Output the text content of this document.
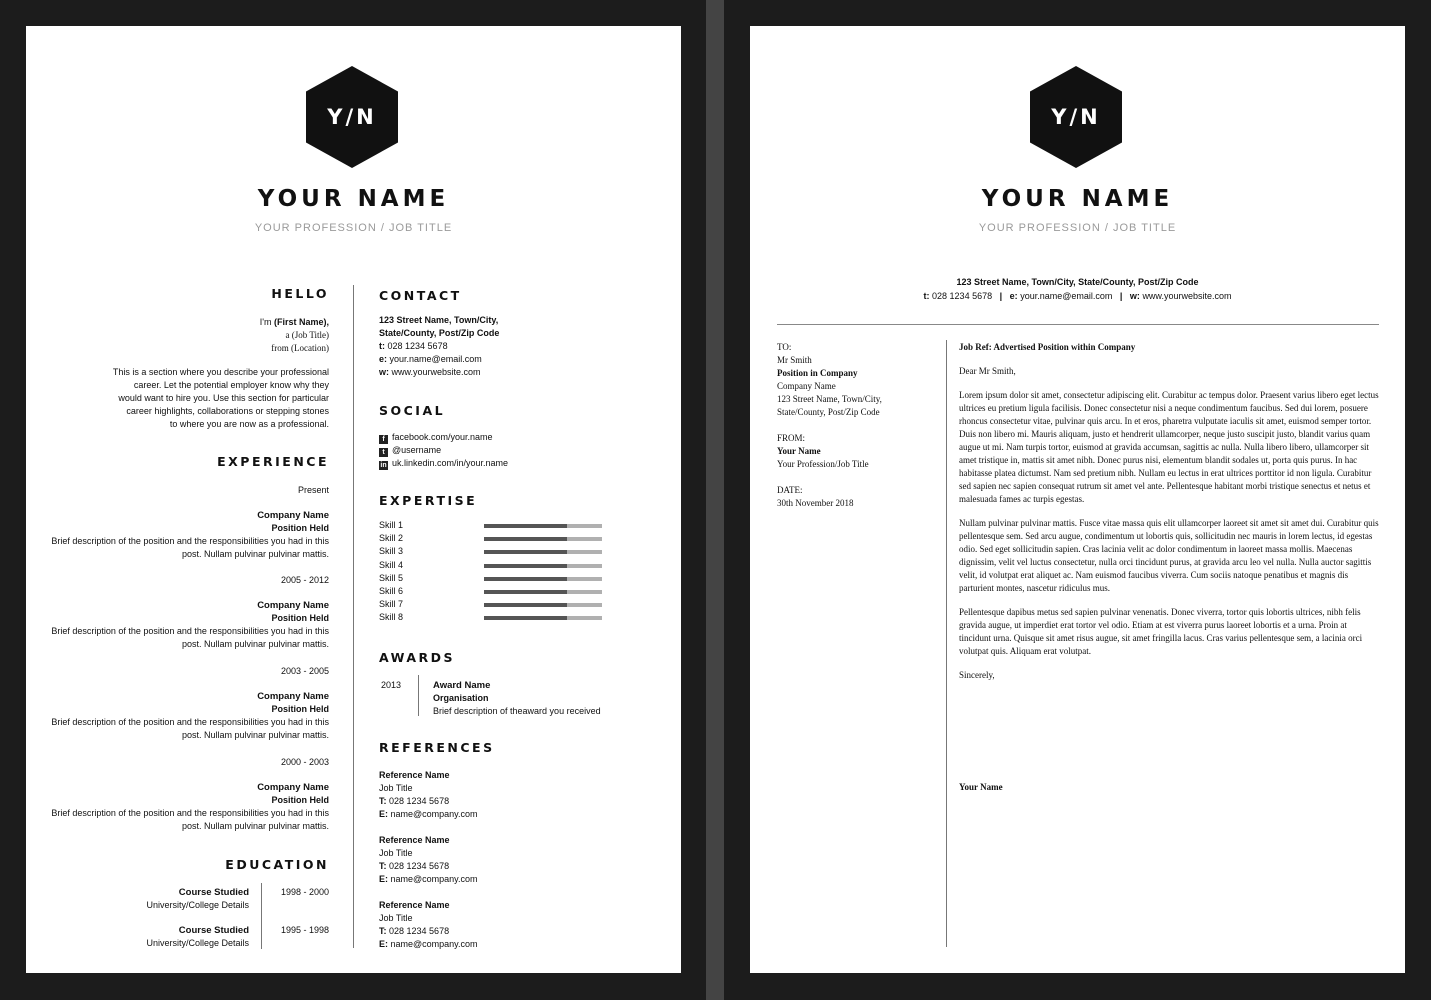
Y/N
YOUR NAME
YOUR PROFESSION / JOB TITLE
HELLO
I'm (First Name),
a (Job Title)
from (Location)
This is a section where you describe your professional
career. Let the potential employer know why they
would want to hire you. Use this section for particular
career highlights, collaborations or stepping stones
to where you are now as a professional.
EXPERIENCE
Present
Company Name
Position Held
Brief description of the position and the responsibilities you had in this
post. Nullam pulvinar pulvinar mattis.
2005 - 2012
Company Name
Position Held
Brief description of the position and the responsibilities you had in this
post. Nullam pulvinar pulvinar mattis.
2003 - 2005
Company Name
Position Held
Brief description of the position and the responsibilities you had in this
post. Nullam pulvinar pulvinar mattis.
2000 - 2003
Company Name
Position Held
Brief description of the position and the responsibilities you had in this
post. Nullam pulvinar pulvinar mattis.
EDUCATION
Course Studied
University/College Details
1998 - 2000
Course Studied
University/College Details
1995 - 1998
CONTACT
123 Street Name, Town/City,
State/County, Post/Zip Code
t: 028 1234 5678
e: your.name@email.com
w: www.yourwebsite.com
SOCIAL
f facebook.com/your.name
t @username
in uk.linkedin.com/in/your.name
EXPERTISE
Skill 1
Skill 2
Skill 3
Skill 4
Skill 5
Skill 6
Skill 7
Skill 8
AWARDS
2013	Award Name
Organisation
Brief description of theaward you received
REFERENCES
Reference Name
Job Title
T: 028 1234 5678
E: name@company.com
Reference Name
Job Title
T: 028 1234 5678
E: name@company.com
Reference Name
Job Title
T: 028 1234 5678
E: name@company.com
Y/N
YOUR NAME
YOUR PROFESSION / JOB TITLE
123 Street Name, Town/City, State/County, Post/Zip Code
t: 028 1234 5678 | e: your.name@email.com | w: www.yourwebsite.com
TO:
Mr Smith
Position in Company
Company Name
123 Street Name, Town/City,
State/County, Post/Zip Code
FROM:
Your Name
Your Profession/Job Title
DATE:
30th November 2018

Job Ref: Advertised Position within Company

Dear Mr Smith,

Lorem ipsum dolor sit amet, consectetur adipiscing elit. Curabitur ac tempus dolor. Praesent varius libero eget lectus ultrices eu pretium ligula facilisis. Donec consectetur nisi a neque condimentum faucibus. Sed dui lorem, posuere rhoncus consectetur vitae, pulvinar quis arcu. In et eros, pharetra vulputate iaculis sit amet, euismod semper tortor. Duis non libero mi. Mauris aliquam, justo et hendrerit ullamcorper, neque justo suscipit justo, blandit varius quam augue ut mi. Nam turpis tortor, euismod at gravida accumsan, sagittis ac nulla. Nulla libero libero, ullamcorper sit amet tristique in, mattis sit amet nibh. Donec purus nisi, elementum blandit sodales ut, porta quis purus. In hac habitasse platea dictumst. Nam sed pretium nibh. Nullam eu lectus in erat ultrices porttitor id non ligula. Curabitur sed sapien nec sapien consequat rutrum sit amet vel ante. Pellentesque habitant morbi tristique senectus et netus et malesuada fames ac turpis egestas.

Nullam pulvinar pulvinar mattis. Fusce vitae massa quis elit ullamcorper laoreet sit amet sit amet dui. Curabitur quis pellentesque sem. Sed arcu augue, condimentum ut lobortis quis, sollicitudin nec mauris in lorem lectus, id egestas odio. Sed eget sollicitudin sapien. Cras lacinia velit ac dolor condimentum in laoreet massa mollis. Maecenas dignissim, velit vel luctus consectetur, nulla orci tincidunt purus, at gravida arcu leo vel nulla. Nulla auctor sagittis velit, id volutpat erat aliquet ac. Nam euismod faucibus viverra. Cum sociis natoque penatibus et magnis dis parturient montes, nascetur ridiculus mus.

Pellentesque dapibus metus sed sapien pulvinar venenatis. Donec viverra, tortor quis lobortis ultrices, nibh felis gravida augue, ut imperdiet erat tortor vel odio. Etiam at est viverra purus laoreet lobortis et a urna. Proin at tincidunt urna. Quisque sit amet risus augue, sit amet fringilla lacus. Cras varius pellentesque sem, a lacinia orci volutpat quis. Aliquam erat volutpat.

Sincerely,

Your Name
